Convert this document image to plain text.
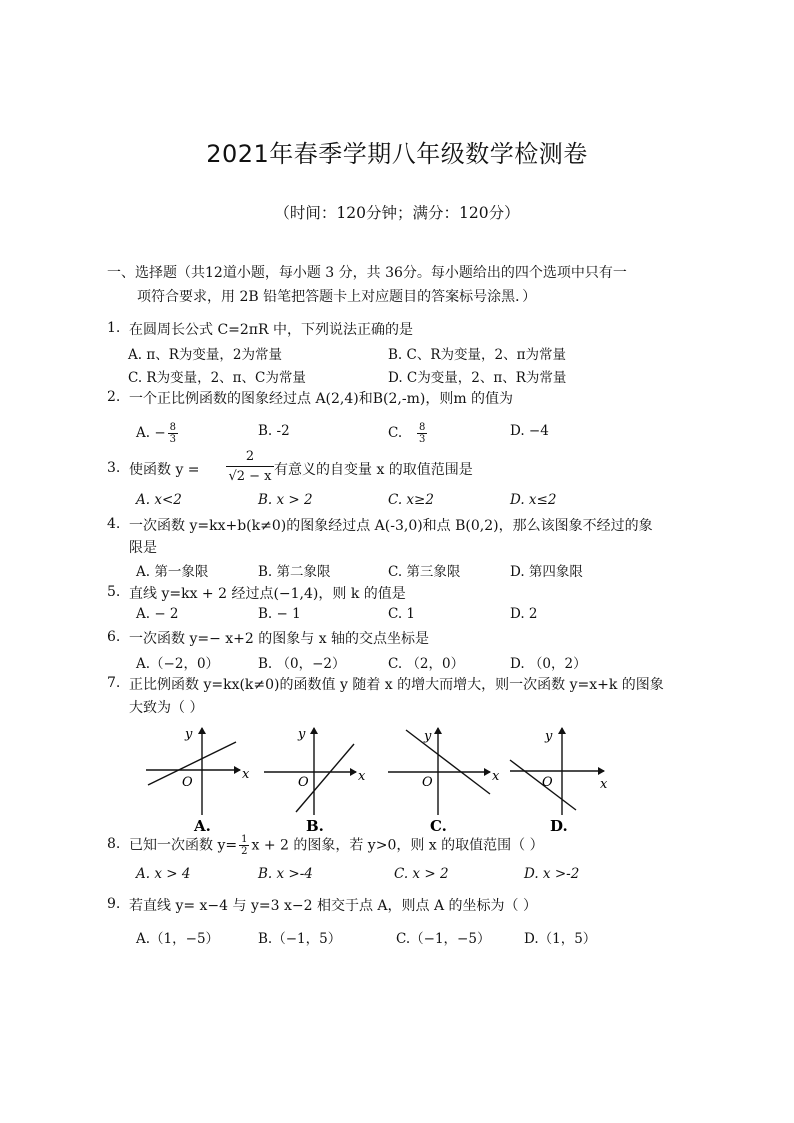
2021年春季学期八年级数学检测卷
（时间：120分钟；满分：120分）
一、选择题（共12道小题，每小题 3 分，共 36分。每小题给出的四个选项中只有一
项符合要求，用 2B 铅笔把答题卡上对应题目的答案标号涂黑．）
1. 在圆周长公式 C=2πR 中，下列说法正确的是
A. π、R为变量，2为常量	B. C、R为变量，2、π为常量
C. R为变量，2、π、C为常量	D. C为变量，2、π、R为常量
2. 一个正比例函数的图象经过点 A(2,4)和B(2,-m)，则m 的值为
A. − $\frac{8}{3}$	B. -2	C. $\frac{8}{3}$	D. −4
3. 使函数 y =
2
√2 − x 有意义的自变量 x 的取值范围是
A. x<2	B. x > 2	C. x≥2	D. x≤2
4. 一次函数 y=kx+b(k≠0)的图象经过点 A(-3,0)和点 B(0,2)，那么该图象不经过的象
限是
A. 第一象限	B. 第二象限	C. 第三象限	D. 第四象限
5. 直线 y=kx + 2 经过点(−1,4)，则 k 的值是
A. − 2	B. − 1	C. 1	D. 2
6. 一次函数 y=− x+2 的图象与 x 轴的交点坐标是
A.（−2，0）	B. （0，−2）	C. （2，0）	D. （0，2）
7. 正比例函数 y=kx(k≠0)的函数值 y 随着 x 的增大而增大，则一次函数 y=x+k 的图象
大致为（ ）
y
x
O
A.
y
x
O
B.
y
x
O
C.
y
x
O
D.
8. 已知一次函数 $y= \frac{1}{2}$ x + 2 的图象，若 y>0，则 x 的取值范围（ ）
A. x > 4	B. x >-4	C. x > 2	D. x >-2
9. 若直线 y= x−4 与 y=3 x−2 相交于点 A，则点 A 的坐标为（ ）
A.（1，−5）	B.（−1，5）	C.（−1，−5） D.（1，5）
